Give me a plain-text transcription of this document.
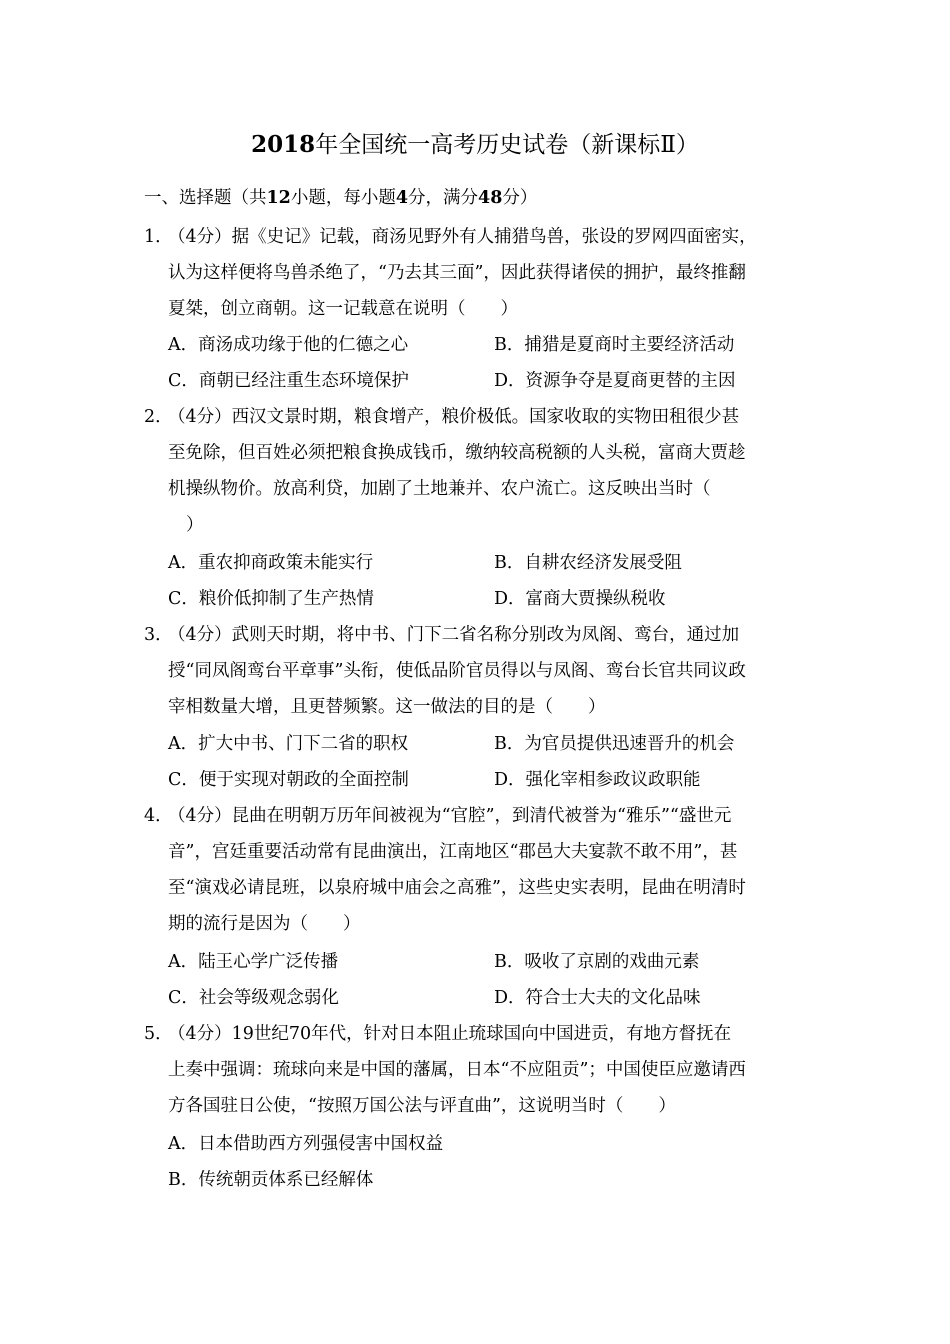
2018年全国统一高考历史试卷（新课标Ⅱ）
一、选择题（共12小题，每小题4分，满分48分）
1．
（4分）据《史记》记载，商汤见野外有人捕猎鸟兽，张设的罗网四面密实，
认为这样便将鸟兽杀绝了，“乃去其三面”，因此获得诸侯的拥护，最终推翻
夏桀，创立商朝。这一记载意在说明（　　）
A．商汤成功缘于他的仁德之心	B．捕猎是夏商时主要经济活动
C．商朝已经注重生态环境保护	D．资源争夺是夏商更替的主因
2．
（4分）西汉文景时期，粮食增产，粮价极低。国家收取的实物田租很少甚
至免除，但百姓必须把粮食换成钱币，缴纳较高税额的人头税，富商大贾趁
机操纵物价。放高利贷，加剧了土地兼并、农户流亡。这反映出当时（
）
A．重农抑商政策未能实行	B．自耕农经济发展受阻
C．粮价低抑制了生产热情	D．富商大贾操纵税收
3．
（4分）武则天时期，将中书、门下二省名称分别改为凤阁、鸾台，通过加
授“同凤阁鸾台平章事”头衔，使低品阶官员得以与凤阁、鸾台长官共同议政
宰相数量大增，且更替频繁。这一做法的目的是（　　）
A．扩大中书、门下二省的职权	B．为官员提供迅速晋升的机会
C．便于实现对朝政的全面控制	D．强化宰相参政议政职能
4．
（4分）昆曲在明朝万历年间被视为“官腔”，到清代被誉为“雅乐”“盛世元
音”，宫廷重要活动常有昆曲演出，江南地区“郡邑大夫宴款不敢不用”，甚
至“演戏必请昆班，以泉府城中庙会之高雅”，这些史实表明，昆曲在明清时
期的流行是因为（　　）
A．陆王心学广泛传播	B．吸收了京剧的戏曲元素
C．社会等级观念弱化	D．符合士大夫的文化品味
5．
（4分）19世纪70年代，针对日本阻止琉球国向中国进贡，有地方督抚在
上奏中强调：琉球向来是中国的藩属，日本“不应阻贡”；中国使臣应邀请西
方各国驻日公使，“按照万国公法与评直曲”，这说明当时（　　）
A．日本借助西方列强侵害中国权益
B．传统朝贡体系已经解体
